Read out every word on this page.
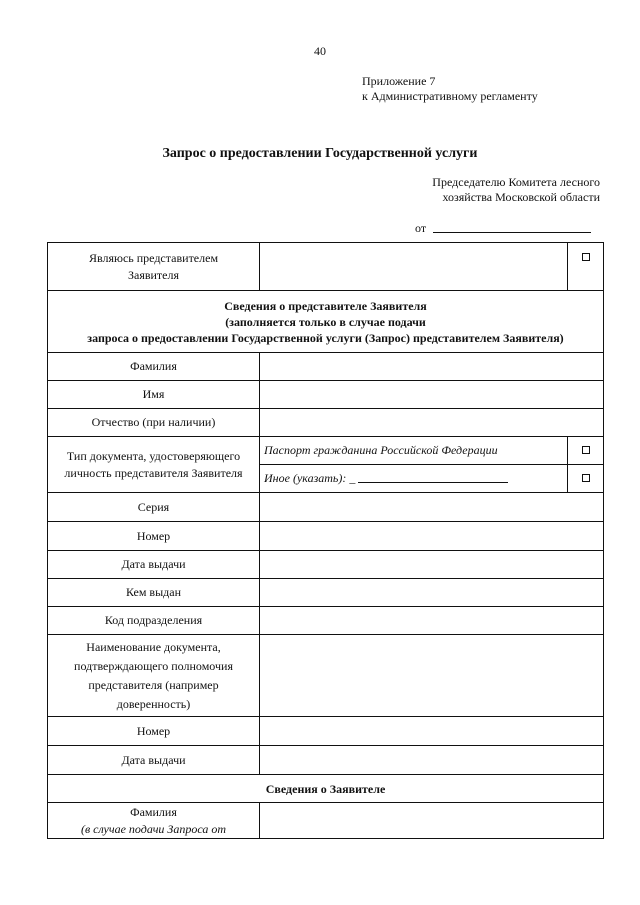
40
Приложение 7
к Административному регламенту
Запрос о предоставлении Государственной услуги
Председателю Комитета лесного
хозяйства Московской области
от
Являюсь представителем
Заявителя		

Сведения о представителе Заявителя
(заполняется только в случае подачи
запроса о предоставлении Государственной услуги (Запрос) представителем Заявителя)		

Фамилия		
Имя		
Отчество (при наличии)		

Тип документа, удостоверяющего
личность представителя Заявителя	Паспорт гражданина Российской Федерации	
	Иное (указать): _	
Серия		
Номер		
Дата выдачи		
Кем выдан		
Код подразделения		

Наименование документа,
подтверждающего полномочия
представителя (например
доверенность)		

Номер		
Дата выдачи		
Сведения о Заявителе		

Фамилия
(в случае подачи Запроса от		
